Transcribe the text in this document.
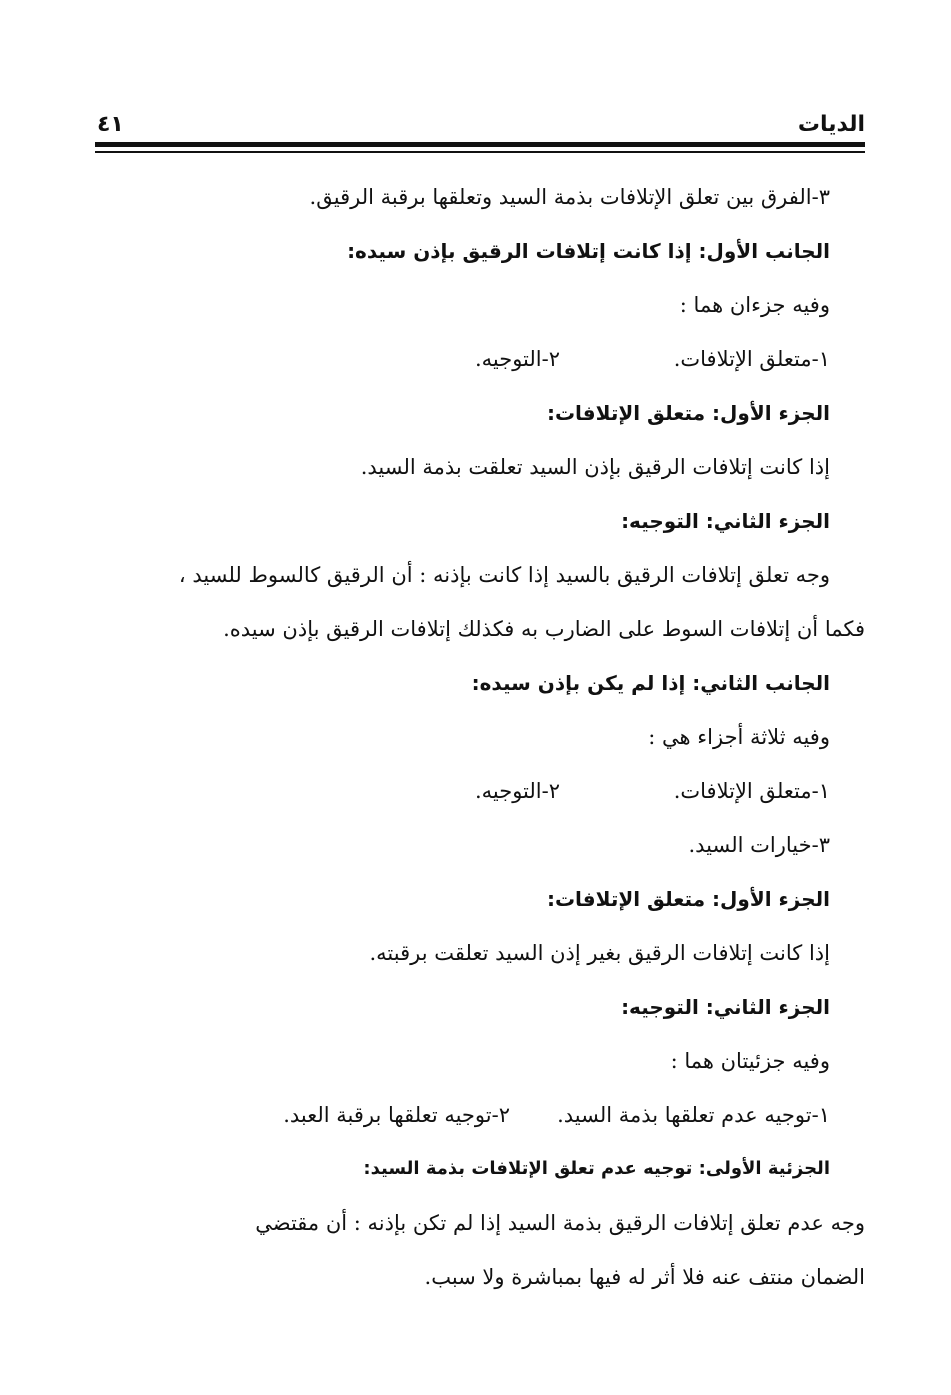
الديات
٤١
٣-الفرق بين تعلق الإتلافات بذمة السيد وتعلقها برقبة الرقيق.
الجانب الأول: إذا كانت إتلافات الرقيق بإذن سيده:
وفيه جزءان هما :
١-متعلق الإتلافات.
٢-التوجيه.
الجزء الأول: متعلق الإتلافات:
إذا كانت إتلافات الرقيق بإذن السيد تعلقت بذمة السيد.
الجزء الثاني: التوجيه:
وجه تعلق إتلافات الرقيق بالسيد إذا كانت بإذنه : أن الرقيق كالسوط للسيد ،
فكما أن إتلافات السوط على الضارب به فكذلك إتلافات الرقيق بإذن سيده.
الجانب الثاني: إذا لم يكن بإذن سيده:
وفيه ثلاثة أجزاء هي :
١-متعلق الإتلافات.
٢-التوجيه.
٣-خيارات السيد.
الجزء الأول: متعلق الإتلافات:
إذا كانت إتلافات الرقيق بغير إذن السيد تعلقت برقبته.
الجزء الثاني: التوجيه:
وفيه جزئيتان هما :
١-توجيه عدم تعلقها بذمة السيد.
٢-توجيه تعلقها برقبة العبد.
الجزئية الأولى: توجيه عدم تعلق الإتلافات بذمة السيد:
وجه عدم تعلق إتلافات الرقيق بذمة السيد إذا لم تكن بإذنه : أن مقتضي
الضمان منتف عنه فلا أثر له فيها بمباشرة ولا سبب.
